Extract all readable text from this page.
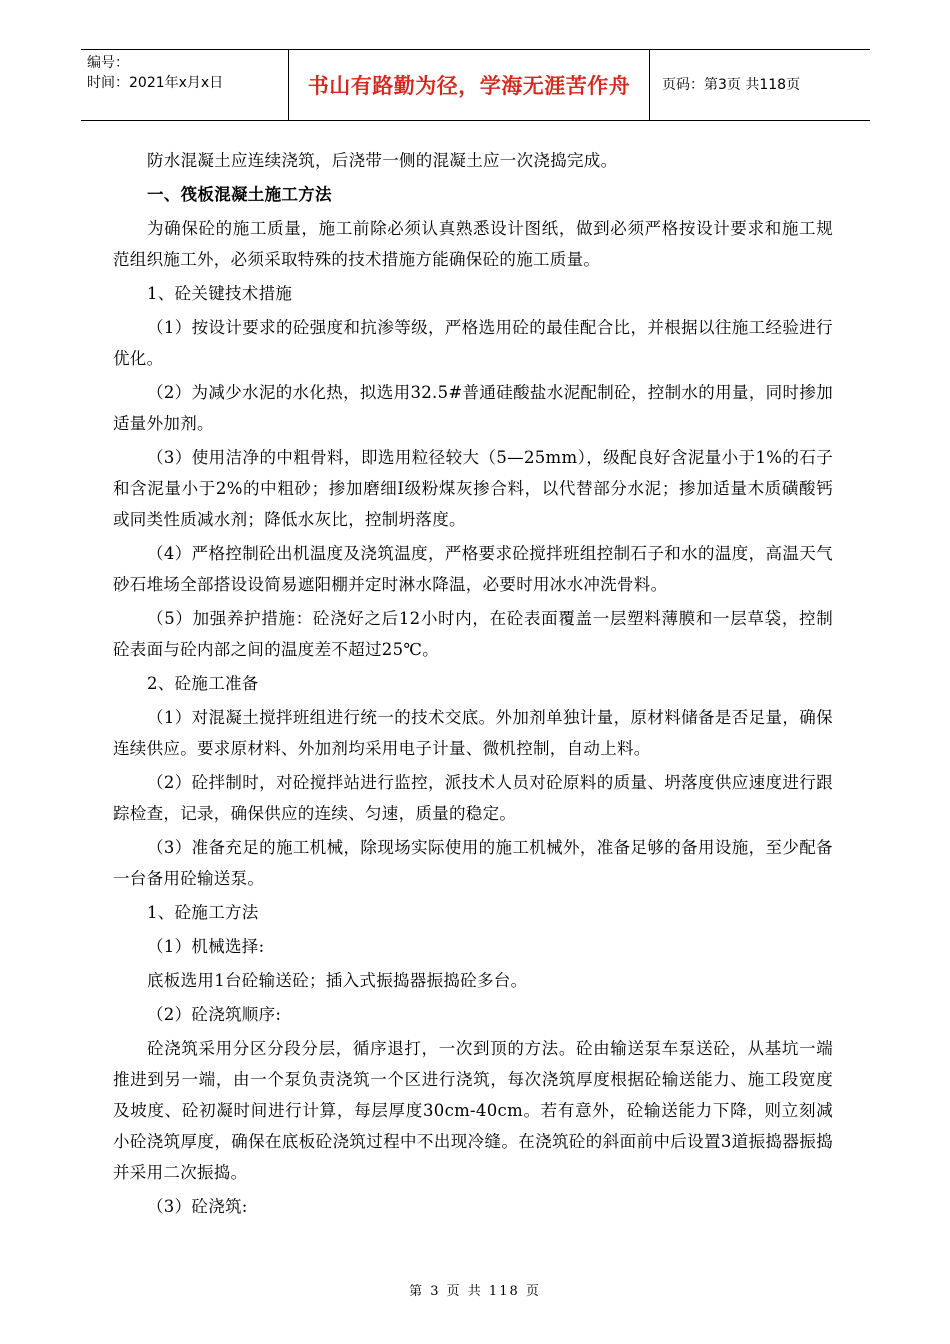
编号：
时间：2021年x月x日	书山有路勤为径，学海无涯苦作舟 页码：第3页 共118页

防水混凝土应连续浇筑，后浇带一侧的混凝土应一次浇捣完成。

一、筏板混凝土施工方法

为确保砼的施工质量，施工前除必须认真熟悉设计图纸，做到必须严格按设计要求和施工规范组织施工外，必须采取特殊的技术措施方能确保砼的施工质量。

1、砼关键技术措施

（1）按设计要求的砼强度和抗渗等级，严格选用砼的最佳配合比，并根据以往施工经验进行优化。

（2）为减少水泥的水化热，拟选用32.5#普通硅酸盐水泥配制砼，控制水的用量，同时掺加适量外加剂。

（3）使用洁净的中粗骨料，即选用粒径较大（5—25mm），级配良好含泥量小于1%的石子和含泥量小于2%的中粗砂；掺加磨细Ⅰ级粉煤灰掺合料，以代替部分水泥；掺加适量木质磺酸钙或同类性质减水剂；降低水灰比，控制坍落度。

（4）严格控制砼出机温度及浇筑温度，严格要求砼搅拌班组控制石子和水的温度，高温天气砂石堆场全部搭设设简易遮阳棚并定时淋水降温，必要时用冰水冲洗骨料。

（5）加强养护措施：砼浇好之后12小时内，在砼表面覆盖一层塑料薄膜和一层草袋，控制砼表面与砼内部之间的温度差不超过25℃。

2、砼施工准备

（1）对混凝土搅拌班组进行统一的技术交底。外加剂单独计量，原材料储备是否足量，确保连续供应。要求原材料、外加剂均采用电子计量、微机控制，自动上料。

（2）砼拌制时，对砼搅拌站进行监控，派技术人员对砼原料的质量、坍落度供应速度进行跟踪检查，记录，确保供应的连续、匀速，质量的稳定。

（3）准备充足的施工机械，除现场实际使用的施工机械外，准备足够的备用设施，至少配备一台备用砼输送泵。

1、砼施工方法

（1）机械选择:

底板选用1台砼输送砼；插入式振捣器振捣砼多台。

（2）砼浇筑顺序:

砼浇筑采用分区分段分层，循序退打，一次到顶的方法。砼由输送泵车泵送砼，从基坑一端推进到另一端，由一个泵负责浇筑一个区进行浇筑，每次浇筑厚度根据砼输送能力、施工段宽度及坡度、砼初凝时间进行计算，每层厚度30cm-40cm。若有意外，砼输送能力下降，则立刻减小砼浇筑厚度，确保在底板砼浇筑过程中不出现冷缝。在浇筑砼的斜面前中后设置3道振捣器振捣并采用二次振捣。

（3）砼浇筑:

第 3 页 共 118 页
